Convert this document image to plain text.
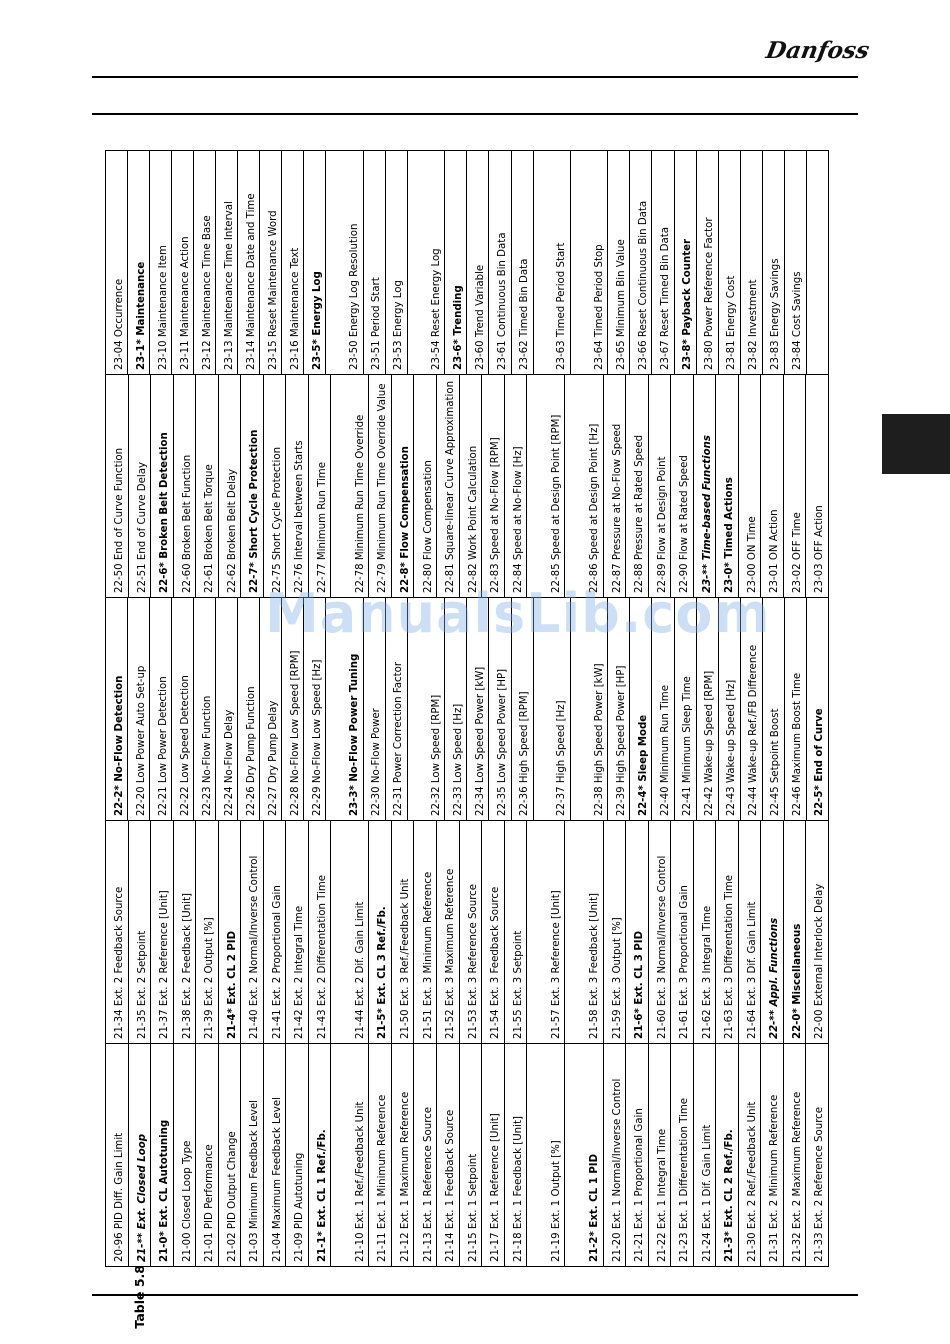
Danfoss
20-96 PID Diff. Gain Limit	21-** Ext. Closed Loop	21-0* Ext. CL Autotuning	21-00 Closed Loop Type	21-01 PID Performance	21-02 PID Output Change	21-03 Minimum Feedback Level	21-04 Maximum Feedback Level	21-09 PID Autotuning	21-1* Ext. CL 1 Ref./Fb.	21-10 Ext. 1 Ref./Feedback Unit	21-11 Ext. 1 Minimum Reference	21-12 Ext. 1 Maximum Reference	21-13 Ext. 1 Reference Source	21-14 Ext. 1 Feedback Source	21-15 Ext. 1 Setpoint	21-17 Ext. 1 Reference [Unit]	21-18 Ext. 1 Feedback [Unit]	21-19 Ext. 1 Output [%]	21-2* Ext. CL 1 PID	21-20 Ext. 1 Normal/Inverse Control	21-21 Ext. 1 Proportional Gain	21-22 Ext. 1 Integral Time	21-23 Ext. 1 Differentation Time	21-24 Ext. 1 Dif. Gain Limit	21-3* Ext. CL 2 Ref./Fb.	21-30 Ext. 2 Ref./Feedback Unit	21-31 Ext. 2 Minimum Reference	21-32 Ext. 2 Maximum Reference	21-33 Ext. 2 Reference Source
21-34 Ext. 2 Feedback Source	21-35 Ext. 2 Setpoint	21-37 Ext. 2 Reference [Unit]	21-38 Ext. 2 Feedback [Unit]	21-39 Ext. 2 Output [%]	21-4* Ext. CL 2 PID	21-40 Ext. 2 Normal/Inverse Control	21-41 Ext. 2 Proportional Gain	21-42 Ext. 2 Integral Time	21-43 Ext. 2 Differentation Time	21-44 Ext. 2 Dif. Gain Limit	21-5* Ext. CL 3 Ref./Fb.	21-50 Ext. 3 Ref./Feedback Unit	21-51 Ext. 3 Minimum Reference	21-52 Ext. 3 Maximum Reference	21-53 Ext. 3 Reference Source	21-54 Ext. 3 Feedback Source	21-55 Ext. 3 Setpoint	21-57 Ext. 3 Reference [Unit]	21-58 Ext. 3 Feedback [Unit]	21-59 Ext. 3 Output [%]	21-6* Ext. CL 3 PID	21-60 Ext. 3 Normal/Inverse Control	21-61 Ext. 3 Proportional Gain	21-62 Ext. 3 Integral Time	21-63 Ext. 3 Differentation Time	21-64 Ext. 3 Dif. Gain Limit	22-** Appl. Functions	22-0* Miscellaneous	22-00 External Interlock Delay
22-2* No-Flow Detection	22-20 Low Power Auto Set-up	22-21 Low Power Detection	22-22 Low Speed Detection	22-23 No-Flow Function	22-24 No-Flow Delay	22-26 Dry Pump Function	22-27 Dry Pump Delay	22-28 No-Flow Low Speed [RPM]	22-29 No-Flow Low Speed [Hz]	23-3* No-Flow Power Tuning	22-30 No-Flow Power	22-31 Power Correction Factor	22-32 Low Speed [RPM]	22-33 Low Speed [Hz]	22-34 Low Speed Power [kW]	22-35 Low Speed Power [HP]	22-36 High Speed [RPM]	22-37 High Speed [Hz]	22-38 High Speed Power [kW]	22-39 High Speed Power [HP]	22-4* Sleep Mode	22-40 Minimum Run Time	22-41 Minimum Sleep Time	22-42 Wake-up Speed [RPM]	22-43 Wake-up Speed [Hz]	22-44 Wake-up Ref./FB Difference	22-45 Setpoint Boost	22-46 Maximum Boost Time	22-5* End of Curve
22-50 End of Curve Function	22-51 End of Curve Delay	22-6* Broken Belt Detection	22-60 Broken Belt Function	22-61 Broken Belt Torque	22-62 Broken Belt Delay	22-7* Short Cycle Protection	22-75 Short Cycle Protection	22-76 Interval between Starts	22-77 Minimum Run Time	22-78 Minimum Run Time Override	22-79 Minimum Run Time Override Value	22-8* Flow Compensation	22-80 Flow Compensation	22-81 Square-linear Curve Approximation	22-82 Work Point Calculation	22-83 Speed at No-Flow [RPM]	22-84 Speed at No-Flow [Hz]	22-85 Speed at Design Point [RPM]	22-86 Speed at Design Point [Hz]	22-87 Pressure at No-Flow Speed	22-88 Pressure at Rated Speed	22-89 Flow at Design Point	22-90 Flow at Rated Speed	23-** Time-based Functions	23-0* Timed Actions	23-00 ON Time	23-01 ON Action	23-02 OFF Time	23-03 OFF Action
23-04 Occurrence	23-1* Maintenance	23-10 Maintenance Item	23-11 Maintenance Action	23-12 Maintenance Time Base	23-13 Maintenance Time Interval	23-14 Maintenance Date and Time	23-15 Reset Maintenance Word	23-16 Maintenance Text	23-5* Energy Log	23-50 Energy Log Resolution	23-51 Period Start	23-53 Energy Log	23-54 Reset Energy Log	23-6* Trending	23-60 Trend Variable	23-61 Continuous Bin Data	23-62 Timed Bin Data	23-63 Timed Period Start	23-64 Timed Period Stop	23-65 Minimum Bin Value	23-66 Reset Continuous Bin Data	23-67 Reset Timed Bin Data	23-8* Payback Counter	23-80 Power Reference Factor	23-81 Energy Cost	23-82 Investment	23-83 Energy Savings	23-84 Cost Savings
ManualsLib.com
Table 5.8
